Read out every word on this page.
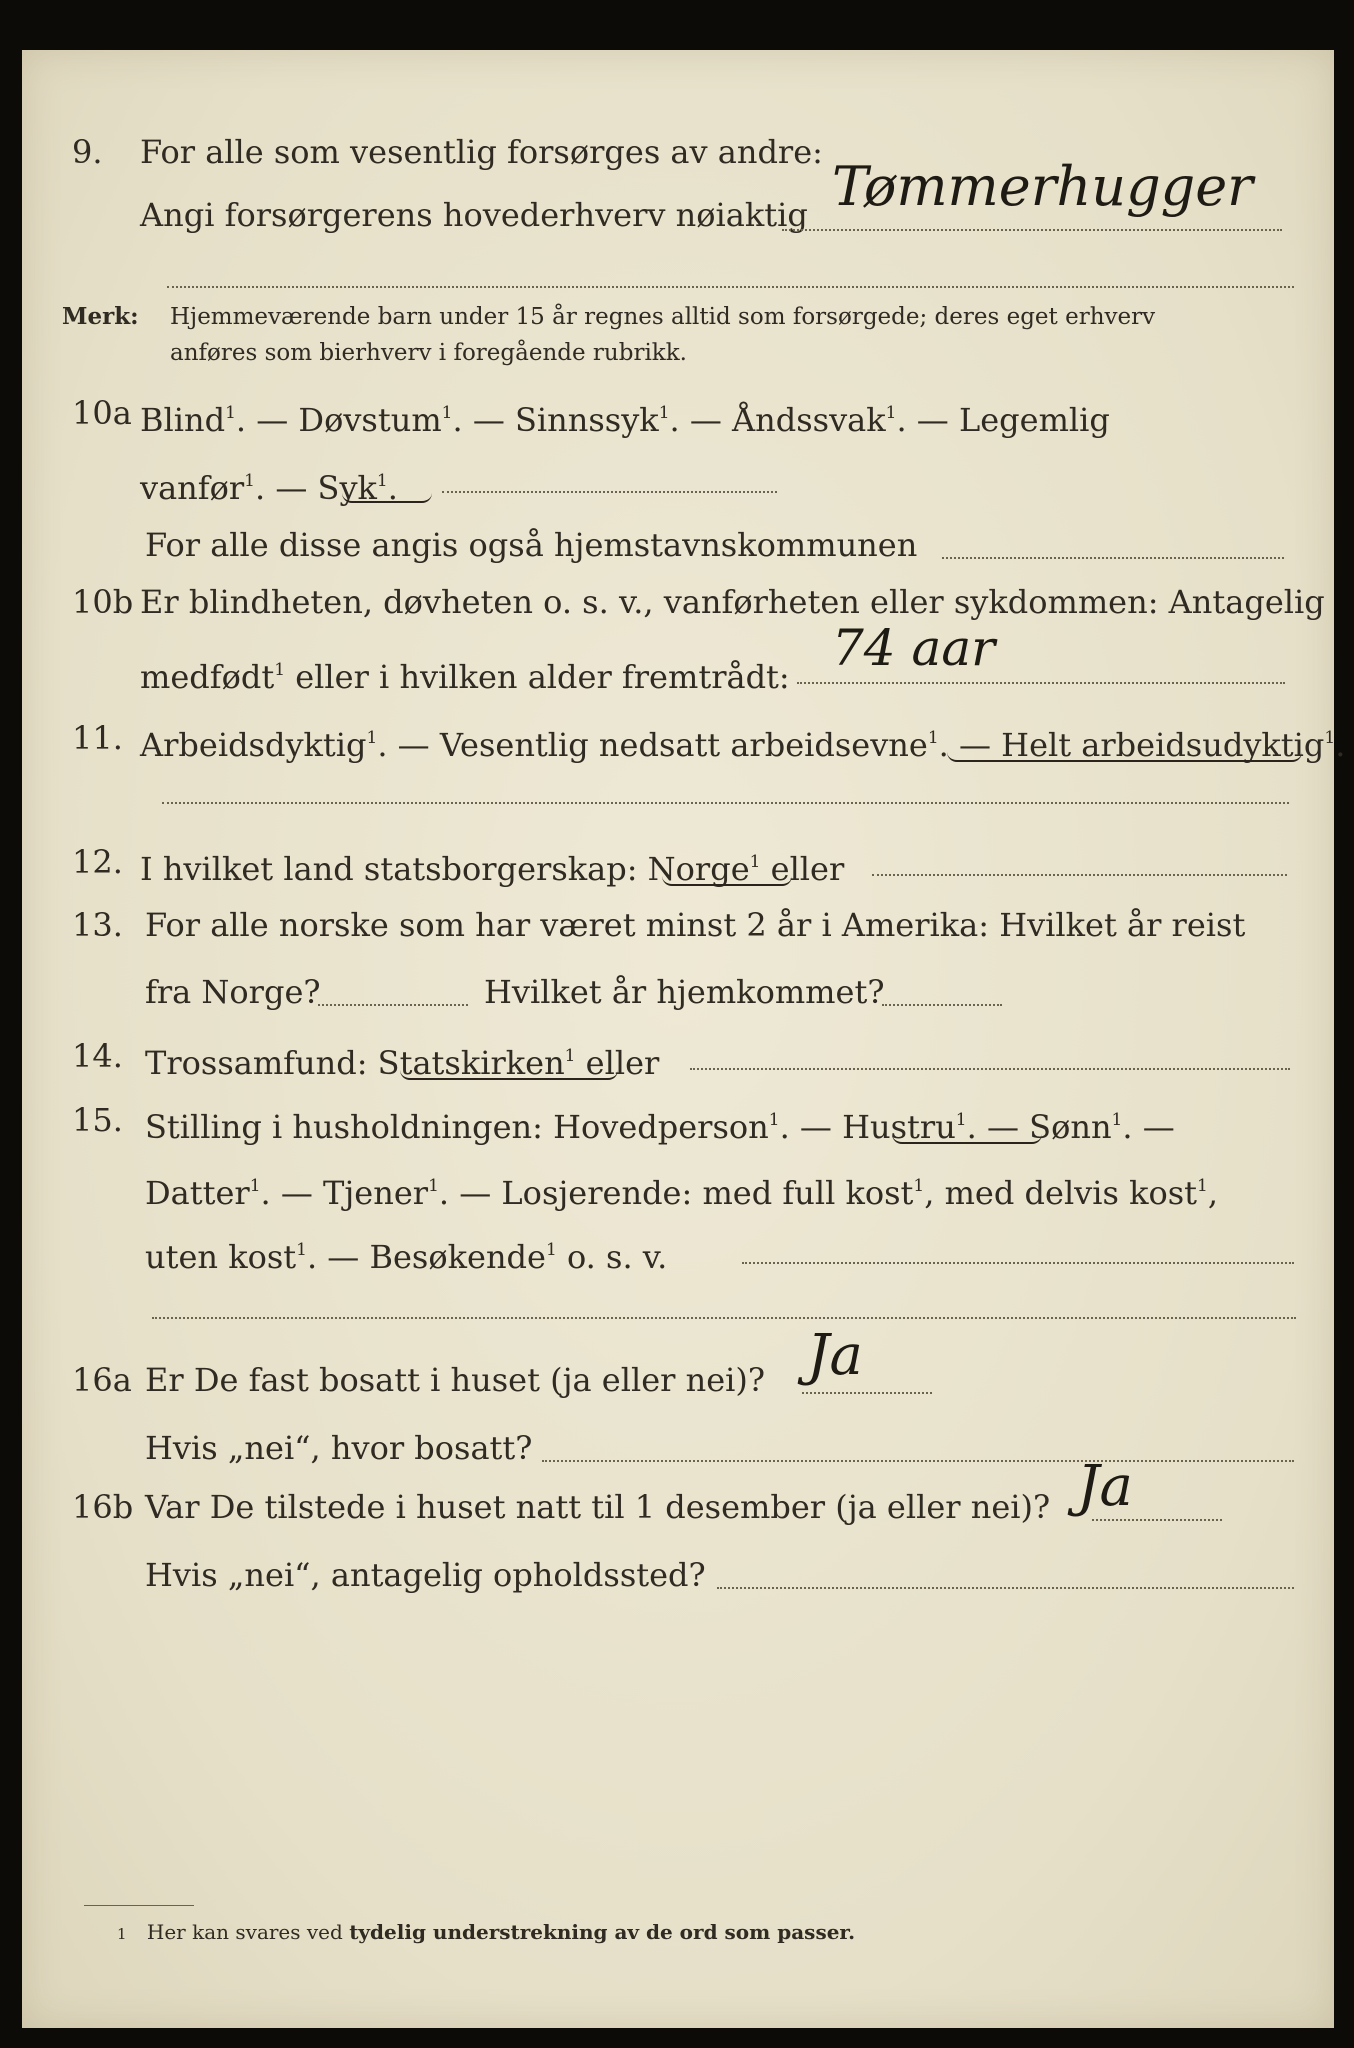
9. For alle som vesentlig forsørges av andre:
Angi forsørgerens hovederhverv nøiaktig Tømmerhugger
Merk: Hjemmeværende barn under 15 år regnes alltid som forsørgede; deres eget erhverv
anføres som bierhverv i foregående rubrikk.
10a Blind$^1$. — Døvstum$^1$. — Sinnssyk$^1$. — Åndssvak$^1$. — Legemlig
vanfør$^1$. — Syk$^1$.
For alle disse angis også hjemstavnskommunen
10b Er blindheten, døvheten o. s. v., vanførheten eller sykdommen: Antagelig
medfødt$^1$ eller i hvilken alder fremtrådt: 74 aar
11. Arbeidsdyktig$^1$. — Vesentlig nedsatt arbeidsevne$^1$. — Helt arbeidsudyktig$^1$.
12. I hvilket land statsborgerskap: Norge$^1$ eller
13. For alle norske som har været minst 2 år i Amerika: Hvilket år reist
fra Norge?	Hvilket år hjemkommet?
14. Trossamfund: Statskirken$^1$ eller
15. Stilling i husholdningen: Hovedperson$^1$. — Hustru$^1$. — Sønn$^1$. —
Datter$^1$. — Tjener$^1$. — Losjerende: med full kost$^1$, med delvis kost$^1$,
uten kost$^1$. — Besøkende$^1$ o. s. v.
16a Er De fast bosatt i huset (ja eller nei)? Ja
Hvis „nei“, hvor bosatt?
16b Var De tilstede i huset natt til 1 desember (ja eller nei)? Ja
Hvis „nei“, antagelig opholdssted?
1 Her kan svares ved tydelig understrekning av de ord som passer.
